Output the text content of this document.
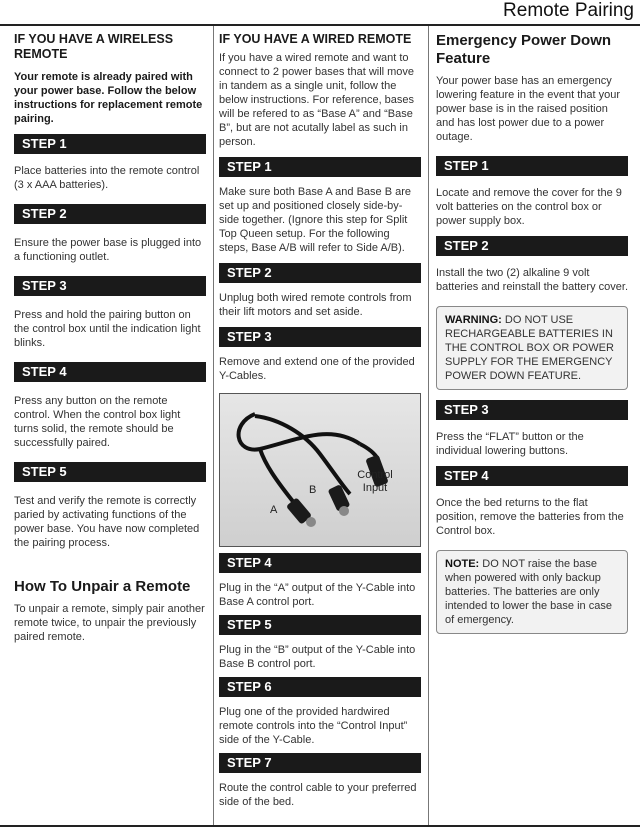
Remote Pairing
IF YOU HAVE A WIRELESS REMOTE
Your remote is already paired with your power base. Follow the below instructions for replacement remote pairing.
STEP 1

Place batteries into the remote control (3 x AAA batteries).

STEP 2

Ensure the power base is plugged into a functioning outlet.

STEP 3

Press and hold the pairing button on the control box until the indication light blinks.

STEP 4

Press any button on the remote control. When the control box light turns solid, the remote should be successfully paired.

STEP 5

Test and verify the remote is correctly paried by activating functions of the power base. You have now completed the pairing process.

How To Unpair a Remote

To unpair a remote, simply pair another remote twice, to unpair the previously paired remote.

IF YOU HAVE A WIRED REMOTE

If you have a wired remote and want to connect to 2 power bases that will move in tandem as a single unit, follow the below instructions. For reference, bases will be refered to as “Base A” and “Base B”, but are not acutally label as such in person.

STEP 1

Make sure both Base A and Base B are set up and positioned closely side-by-side together. (Ignore this step for Split Top Queen setup. For the following steps, Base A/B will refer to Side A/B).

STEP 2

Unplug both wired remote controls from their lift motors and set aside.

STEP 3

Remove and extend one of the provided Y-Cables.

A
B
Control Input
STEP 4

Plug in the “A” output of the Y-Cable into Base A control port.

STEP 5

Plug in the “B” output of the Y-Cable into Base B control port.

STEP 6

Plug one of the provided hardwired remote controls into the “Control Input” side of the Y-Cable.

STEP 7

Route the control cable to your preferred side of the bed.

Emergency Power Down Feature

Your power base has an emergency lowering feature in the event that your power base is in the raised position and has lost power due to a power outage.

STEP 1

Locate and remove the cover for the 9 volt batteries on the control box or power supply box.

STEP 2

Install the two (2) alkaline 9 volt batteries and reinstall the battery cover.

WARNING: DO NOT USE RECHARGEABLE BATTERIES IN THE CONTROL BOX OR POWER SUPPLY FOR THE EMERGENCY POWER DOWN FEATURE.
STEP 3

Press the “FLAT” button or the individual lowering buttons.

STEP 4

Once the bed returns to the flat position, remove the batteries from the Control box.

NOTE: DO NOT raise the base when powered with only backup batteries. The batteries are only intended to lower the base in case of emergency.
